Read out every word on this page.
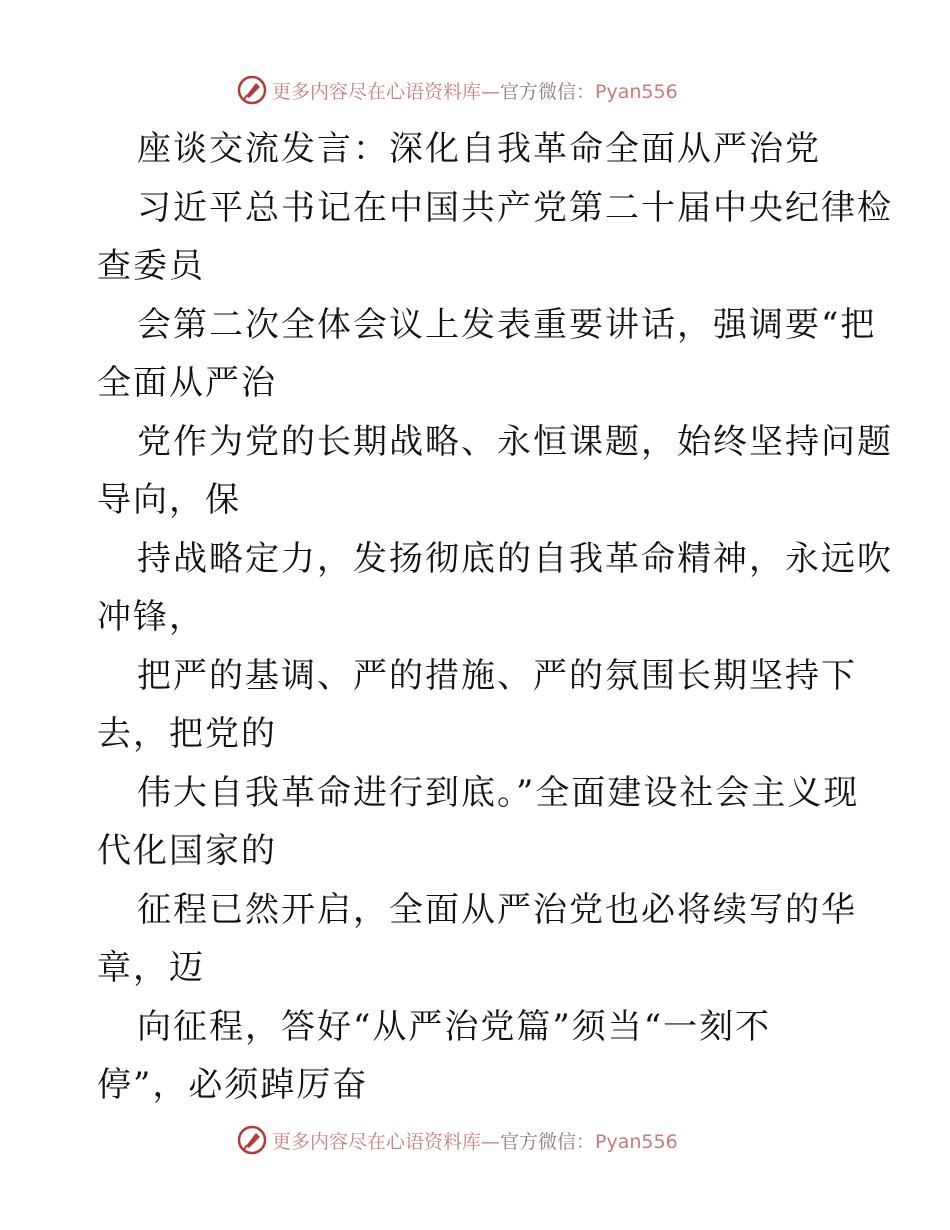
更多内容尽在心语资料库—官方微信：Pyan556
座谈交流发言：深化自我革命全面从严治党
习近平总书记在中国共产党第二十届中央纪律检
查委员
会第二次全体会议上发表重要讲话，强调要“把
全面从严治
党作为党的长期战略、永恒课题，始终坚持问题
导向，保
持战略定力，发扬彻底的自我革命精神，永远吹
冲锋，
把严的基调、严的措施、严的氛围长期坚持下
去，把党的
伟大自我革命进行到底。”全面建设社会主义现
代化国家的
征程已然开启，全面从严治党也必将续写的华
章，迈
向征程，答好“从严治党篇”须当“一刻不
停”，必须踔厉奋
更多内容尽在心语资料库—官方微信：Pyan556
